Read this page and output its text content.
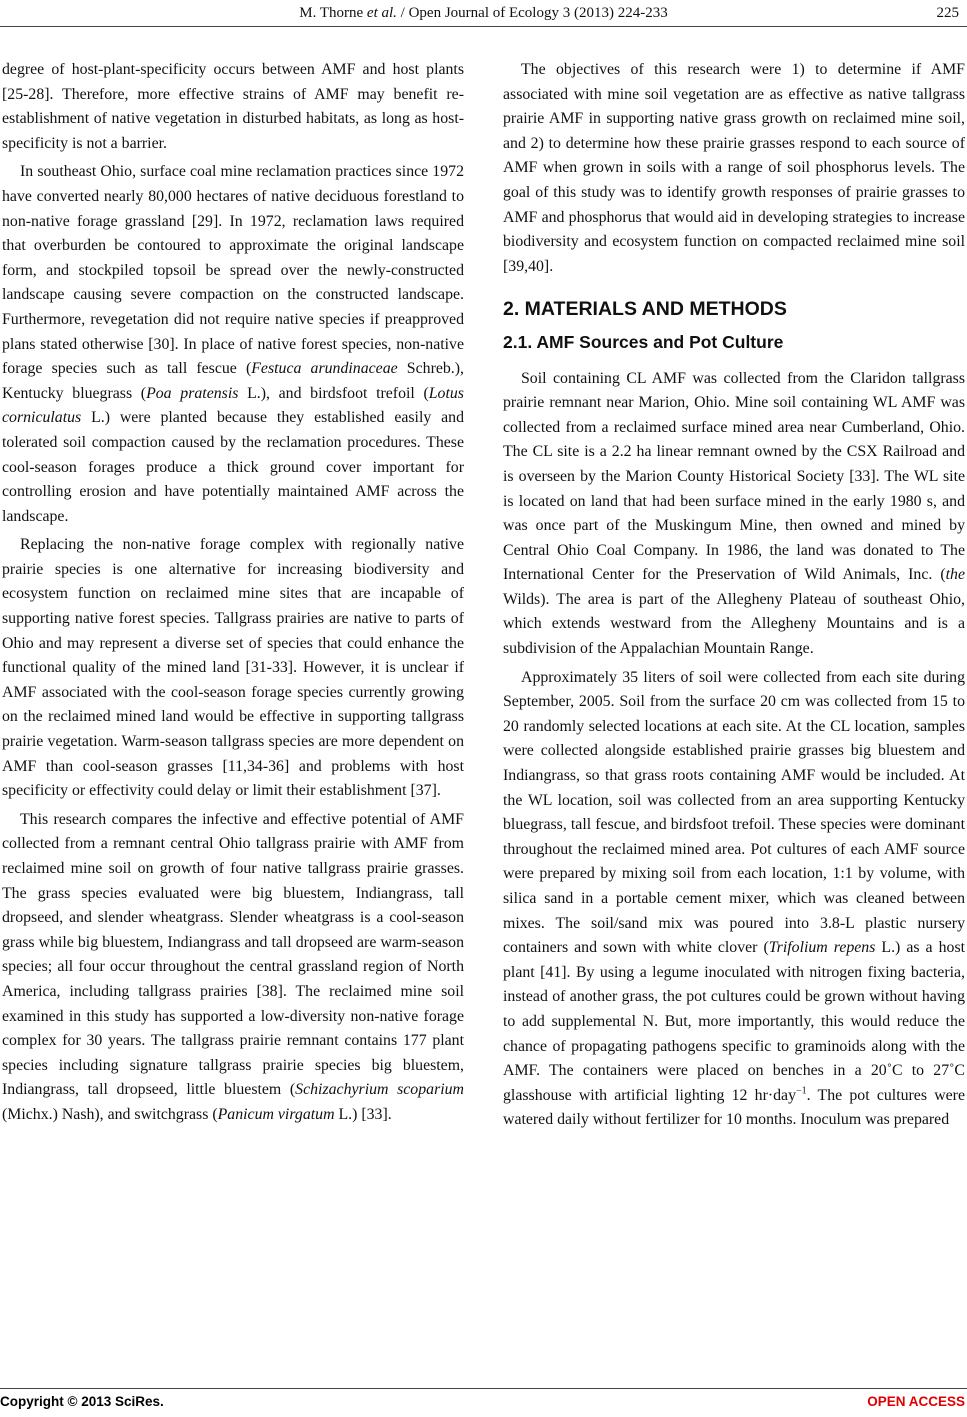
M. Thorne et al. / Open Journal of Ecology 3 (2013) 224-233	225

degree of host-plant-specificity occurs between AMF and host plants [25-28]. Therefore, more effective strains of AMF may benefit re-establishment of native vegetation in disturbed habitats, as long as host-specificity is not a barrier.

In southeast Ohio, surface coal mine reclamation practices since 1972 have converted nearly 80,000 hectares of native deciduous forestland to non-native forage grassland [29]. In 1972, reclamation laws required that overburden be contoured to approximate the original landscape form, and stockpiled topsoil be spread over the newly-constructed landscape causing severe compaction on the constructed landscape. Furthermore, revegetation did not require native species if preapproved plans stated otherwise [30]. In place of native forest species, non-native forage species such as tall fescue (Festuca arundinaceae Schreb.), Kentucky bluegrass (Poa pratensis L.), and birdsfoot trefoil (Lotus corniculatus L.) were planted because they established easily and tolerated soil compaction caused by the reclamation procedures. These cool-season forages produce a thick ground cover important for controlling erosion and have potentially maintained AMF across the landscape.

Replacing the non-native forage complex with regionally native prairie species is one alternative for increasing biodiversity and ecosystem function on reclaimed mine sites that are incapable of supporting native forest species. Tallgrass prairies are native to parts of Ohio and may represent a diverse set of species that could enhance the functional quality of the mined land [31-33]. However, it is unclear if AMF associated with the cool-season forage species currently growing on the reclaimed mined land would be effective in supporting tallgrass prairie vegetation. Warm-season tallgrass species are more dependent on AMF than cool-season grasses [11,34-36] and problems with host specificity or effectivity could delay or limit their establishment [37].

This research compares the infective and effective potential of AMF collected from a remnant central Ohio tallgrass prairie with AMF from reclaimed mine soil on growth of four native tallgrass prairie grasses. The grass species evaluated were big bluestem, Indiangrass, tall dropseed, and slender wheatgrass. Slender wheatgrass is a cool-season grass while big bluestem, Indiangrass and tall dropseed are warm-season species; all four occur throughout the central grassland region of North America, including tallgrass prairies [38]. The reclaimed mine soil examined in this study has supported a low-diversity non-native forage complex for 30 years. The tallgrass prairie remnant contains 177 plant species including signature tallgrass prairie species big bluestem, Indiangrass, tall dropseed, little bluestem (Schizachyrium scoparium (Michx.) Nash), and switchgrass (Panicum virgatum L.) [33].

The objectives of this research were 1) to determine if AMF associated with mine soil vegetation are as effective as native tallgrass prairie AMF in supporting native grass growth on reclaimed mine soil, and 2) to determine how these prairie grasses respond to each source of AMF when grown in soils with a range of soil phosphorus levels. The goal of this study was to identify growth responses of prairie grasses to AMF and phosphorus that would aid in developing strategies to increase biodiversity and ecosystem function on compacted reclaimed mine soil [39,40].

2. MATERIALS AND METHODS
2.1. AMF Sources and Pot Culture

Soil containing CL AMF was collected from the Claridon tallgrass prairie remnant near Marion, Ohio. Mine soil containing WL AMF was collected from a reclaimed surface mined area near Cumberland, Ohio. The CL site is a 2.2 ha linear remnant owned by the CSX Railroad and is overseen by the Marion County Historical Society [33]. The WL site is located on land that had been surface mined in the early 1980 s, and was once part of the Muskingum Mine, then owned and mined by Central Ohio Coal Company. In 1986, the land was donated to The International Center for the Preservation of Wild Animals, Inc. (the Wilds). The area is part of the Allegheny Plateau of southeast Ohio, which extends westward from the Allegheny Mountains and is a subdivision of the Appalachian Mountain Range.

Approximately 35 liters of soil were collected from each site during September, 2005. Soil from the surface 20 cm was collected from 15 to 20 randomly selected locations at each site. At the CL location, samples were collected alongside established prairie grasses big bluestem and Indiangrass, so that grass roots containing AMF would be included. At the WL location, soil was collected from an area supporting Kentucky bluegrass, tall fescue, and birdsfoot trefoil. These species were dominant throughout the reclaimed mined area. Pot cultures of each AMF source were prepared by mixing soil from each location, 1:1 by volume, with silica sand in a portable cement mixer, which was cleaned between mixes. The soil/sand mix was poured into 3.8-L plastic nursery containers and sown with white clover (Trifolium repens L.) as a host plant [41]. By using a legume inoculated with nitrogen fixing bacteria, instead of another grass, the pot cultures could be grown without having to add supplemental N. But, more importantly, this would reduce the chance of propagating pathogens specific to graminoids along with the AMF. The containers were placed on benches in a 20˚C to 27˚C glasshouse with artificial lighting 12 hr·day$^{-1}$. The pot cultures were watered daily without fertilizer for 10 months. Inoculum was prepared

Copyright © 2013 SciRes.	OPEN ACCESS
